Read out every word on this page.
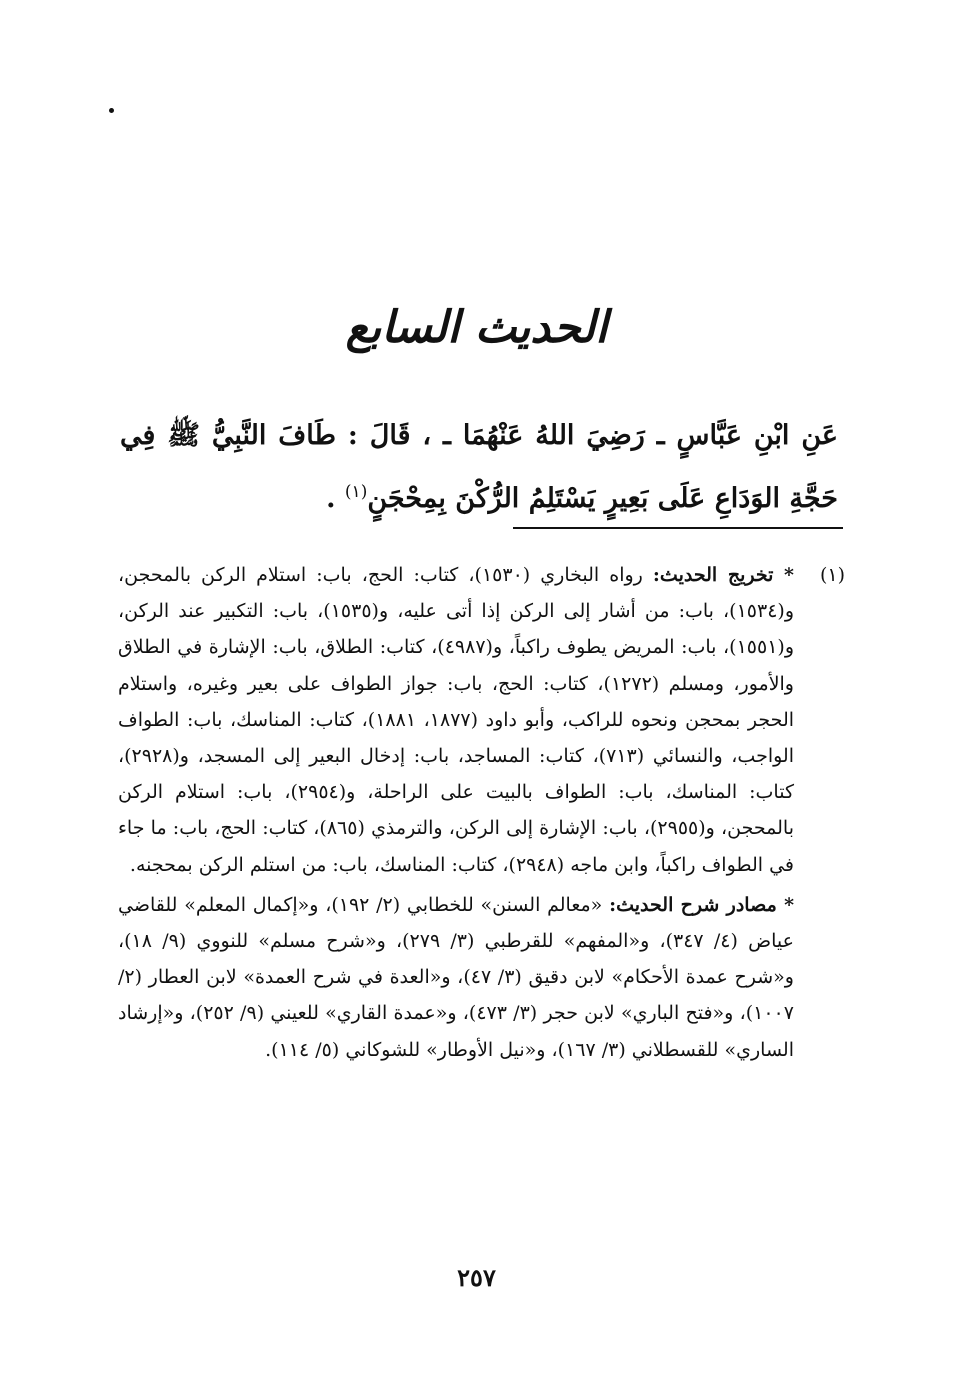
الحديث السابع
عَنِ ابْنِ عَبَّاسٍ ـ رَضِيَ اللهُ عَنْهُمَا ـ ، قَالَ : طَافَ النَّبِيُّ ﷺ فِي حَجَّةِ الوَدَاعِ عَلَى بَعِيرٍ يَسْتَلِمُ الرُّكْنَ بِمِحْجَنٍ$^{(١)}$ .
(١)

* تخريج الحديث: رواه البخاري (١٥٣٠)، كتاب: الحج، باب: استلام الركن بالمحجن، و(١٥٣٤)، باب: من أشار إلى الركن إذا أتى عليه، و(١٥٣٥)، باب: التكبير عند الركن، و(١٥٥١)، باب: المريض يطوف راكباً، و(٤٩٨٧)، كتاب: الطلاق، باب: الإشارة في الطلاق والأمور، ومسلم (١٢٧٢)، كتاب: الحج، باب: جواز الطواف على بعير وغيره، واستلام الحجر بمحجن ونحوه للراكب، وأبو داود (١٨٧٧، ١٨٨١)، كتاب: المناسك، باب: الطواف الواجب، والنسائي (٧١٣)، كتاب: المساجد، باب: إدخال البعير إلى المسجد، و(٢٩٢٨)، كتاب: المناسك، باب: الطواف بالبيت على الراحلة، و(٢٩٥٤)، باب: استلام الركن بالمحجن، و(٢٩٥٥)، باب: الإشارة إلى الركن، والترمذي (٨٦٥)، كتاب: الحج، باب: ما جاء في الطواف راكباً، وابن ماجه (٢٩٤٨)، كتاب: المناسك، باب: من استلم الركن بمحجنه.

* مصادر شرح الحديث: «معالم السنن» للخطابي (٢/ ١٩٢)، و«إكمال المعلم» للقاضي عياض (٤/ ٣٤٧)، و«المفهم» للقرطبي (٣/ ٢٧٩)، و«شرح مسلم» للنووي (٩/ ١٨)، و«شرح عمدة الأحكام» لابن دقيق (٣/ ٤٧)، و«العدة في شرح العمدة» لابن العطار (٢/ ١٠٠٧)، و«فتح الباري» لابن حجر (٣/ ٤٧٣)، و«عمدة القاري» للعيني (٩/ ٢٥٢)، و«إرشاد الساري» للقسطلاني (٣/ ١٦٧)، و«نيل الأوطار» للشوكاني (٥/ ١١٤).

٢٥٧
